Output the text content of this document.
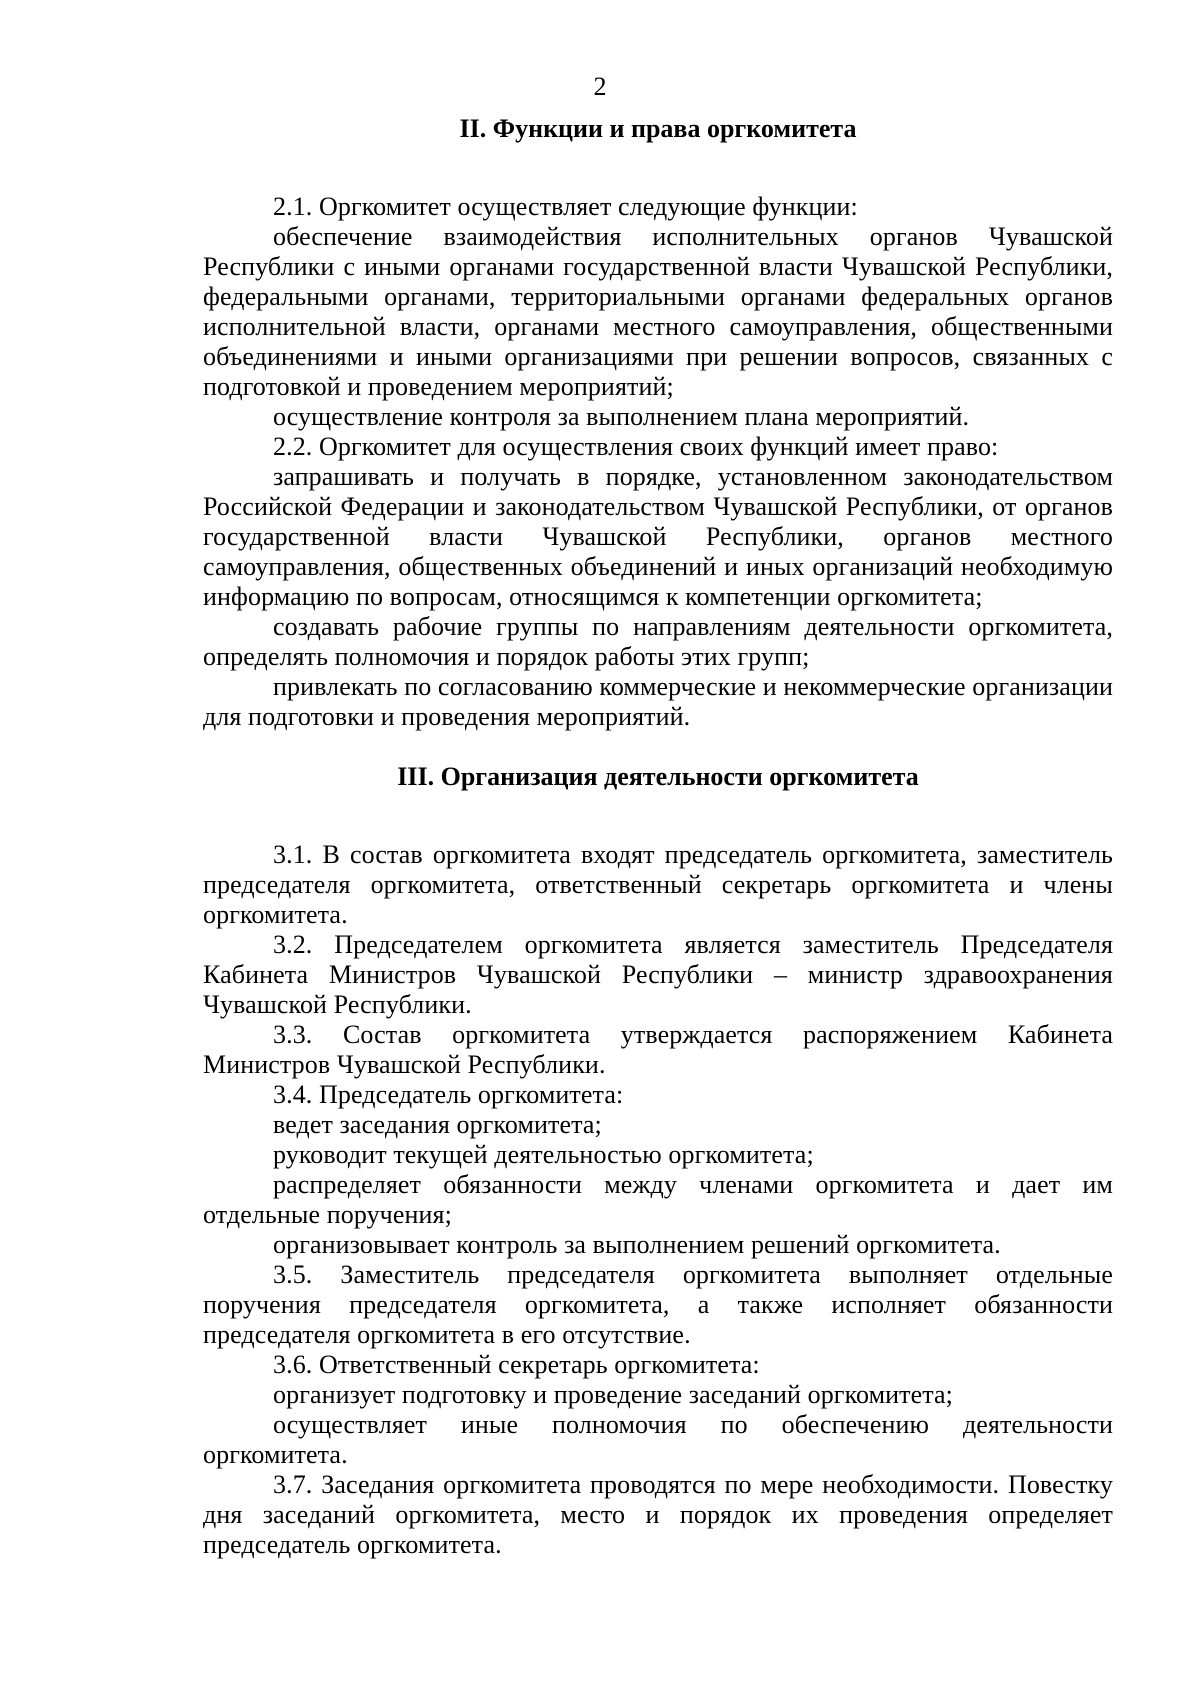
2
II. Функции и права оргкомитета

2.1. Оргкомитет осуществляет следующие функции:

обеспечение взаимодействия исполнительных органов Чувашской Республики с иными органами государственной власти Чувашской Республики, федеральными органами, территориальными органами федеральных органов исполнительной власти, органами местного самоуправления, общественными объединениями и иными организациями при решении вопросов, связанных с подготовкой и проведением мероприятий;

осуществление контроля за выполнением плана мероприятий.

2.2. Оргкомитет для осуществления своих функций имеет право:

запрашивать и получать в порядке, установленном законодательством Российской Федерации и законодательством Чувашской Республики, от органов государственной власти Чувашской Республики, органов местного самоуправления, общественных объединений и иных организаций необходимую информацию по вопросам, относящимся к компетенции оргкомитета;

создавать рабочие группы по направлениям деятельности оргкомитета, определять полномочия и порядок работы этих групп;

привлекать по согласованию коммерческие и некоммерческие организации для подготовки и проведения мероприятий.

III. Организация деятельности оргкомитета

3.1. В состав оргкомитета входят председатель оргкомитета, заместитель председателя оргкомитета, ответственный секретарь оргкомитета и члены оргкомитета.

3.2. Председателем оргкомитета является заместитель Председателя Кабинета Министров Чувашской Республики – министр здравоохранения Чувашской Республики.

3.3. Состав оргкомитета утверждается распоряжением Кабинета Министров Чувашской Республики.

3.4. Председатель оргкомитета:

ведет заседания оргкомитета;

руководит текущей деятельностью оргкомитета;

распределяет обязанности между членами оргкомитета и дает им отдельные поручения;

организовывает контроль за выполнением решений оргкомитета.

3.5. Заместитель председателя оргкомитета выполняет отдельные поручения председателя оргкомитета, а также исполняет обязанности председателя оргкомитета в его отсутствие.

3.6. Ответственный секретарь оргкомитета:

организует подготовку и проведение заседаний оргкомитета;

осуществляет иные полномочия по обеспечению деятельности оргкомитета.

3.7. Заседания оргкомитета проводятся по мере необходимости. Повестку дня заседаний оргкомитета, место и порядок их проведения определяет председатель оргкомитета.
